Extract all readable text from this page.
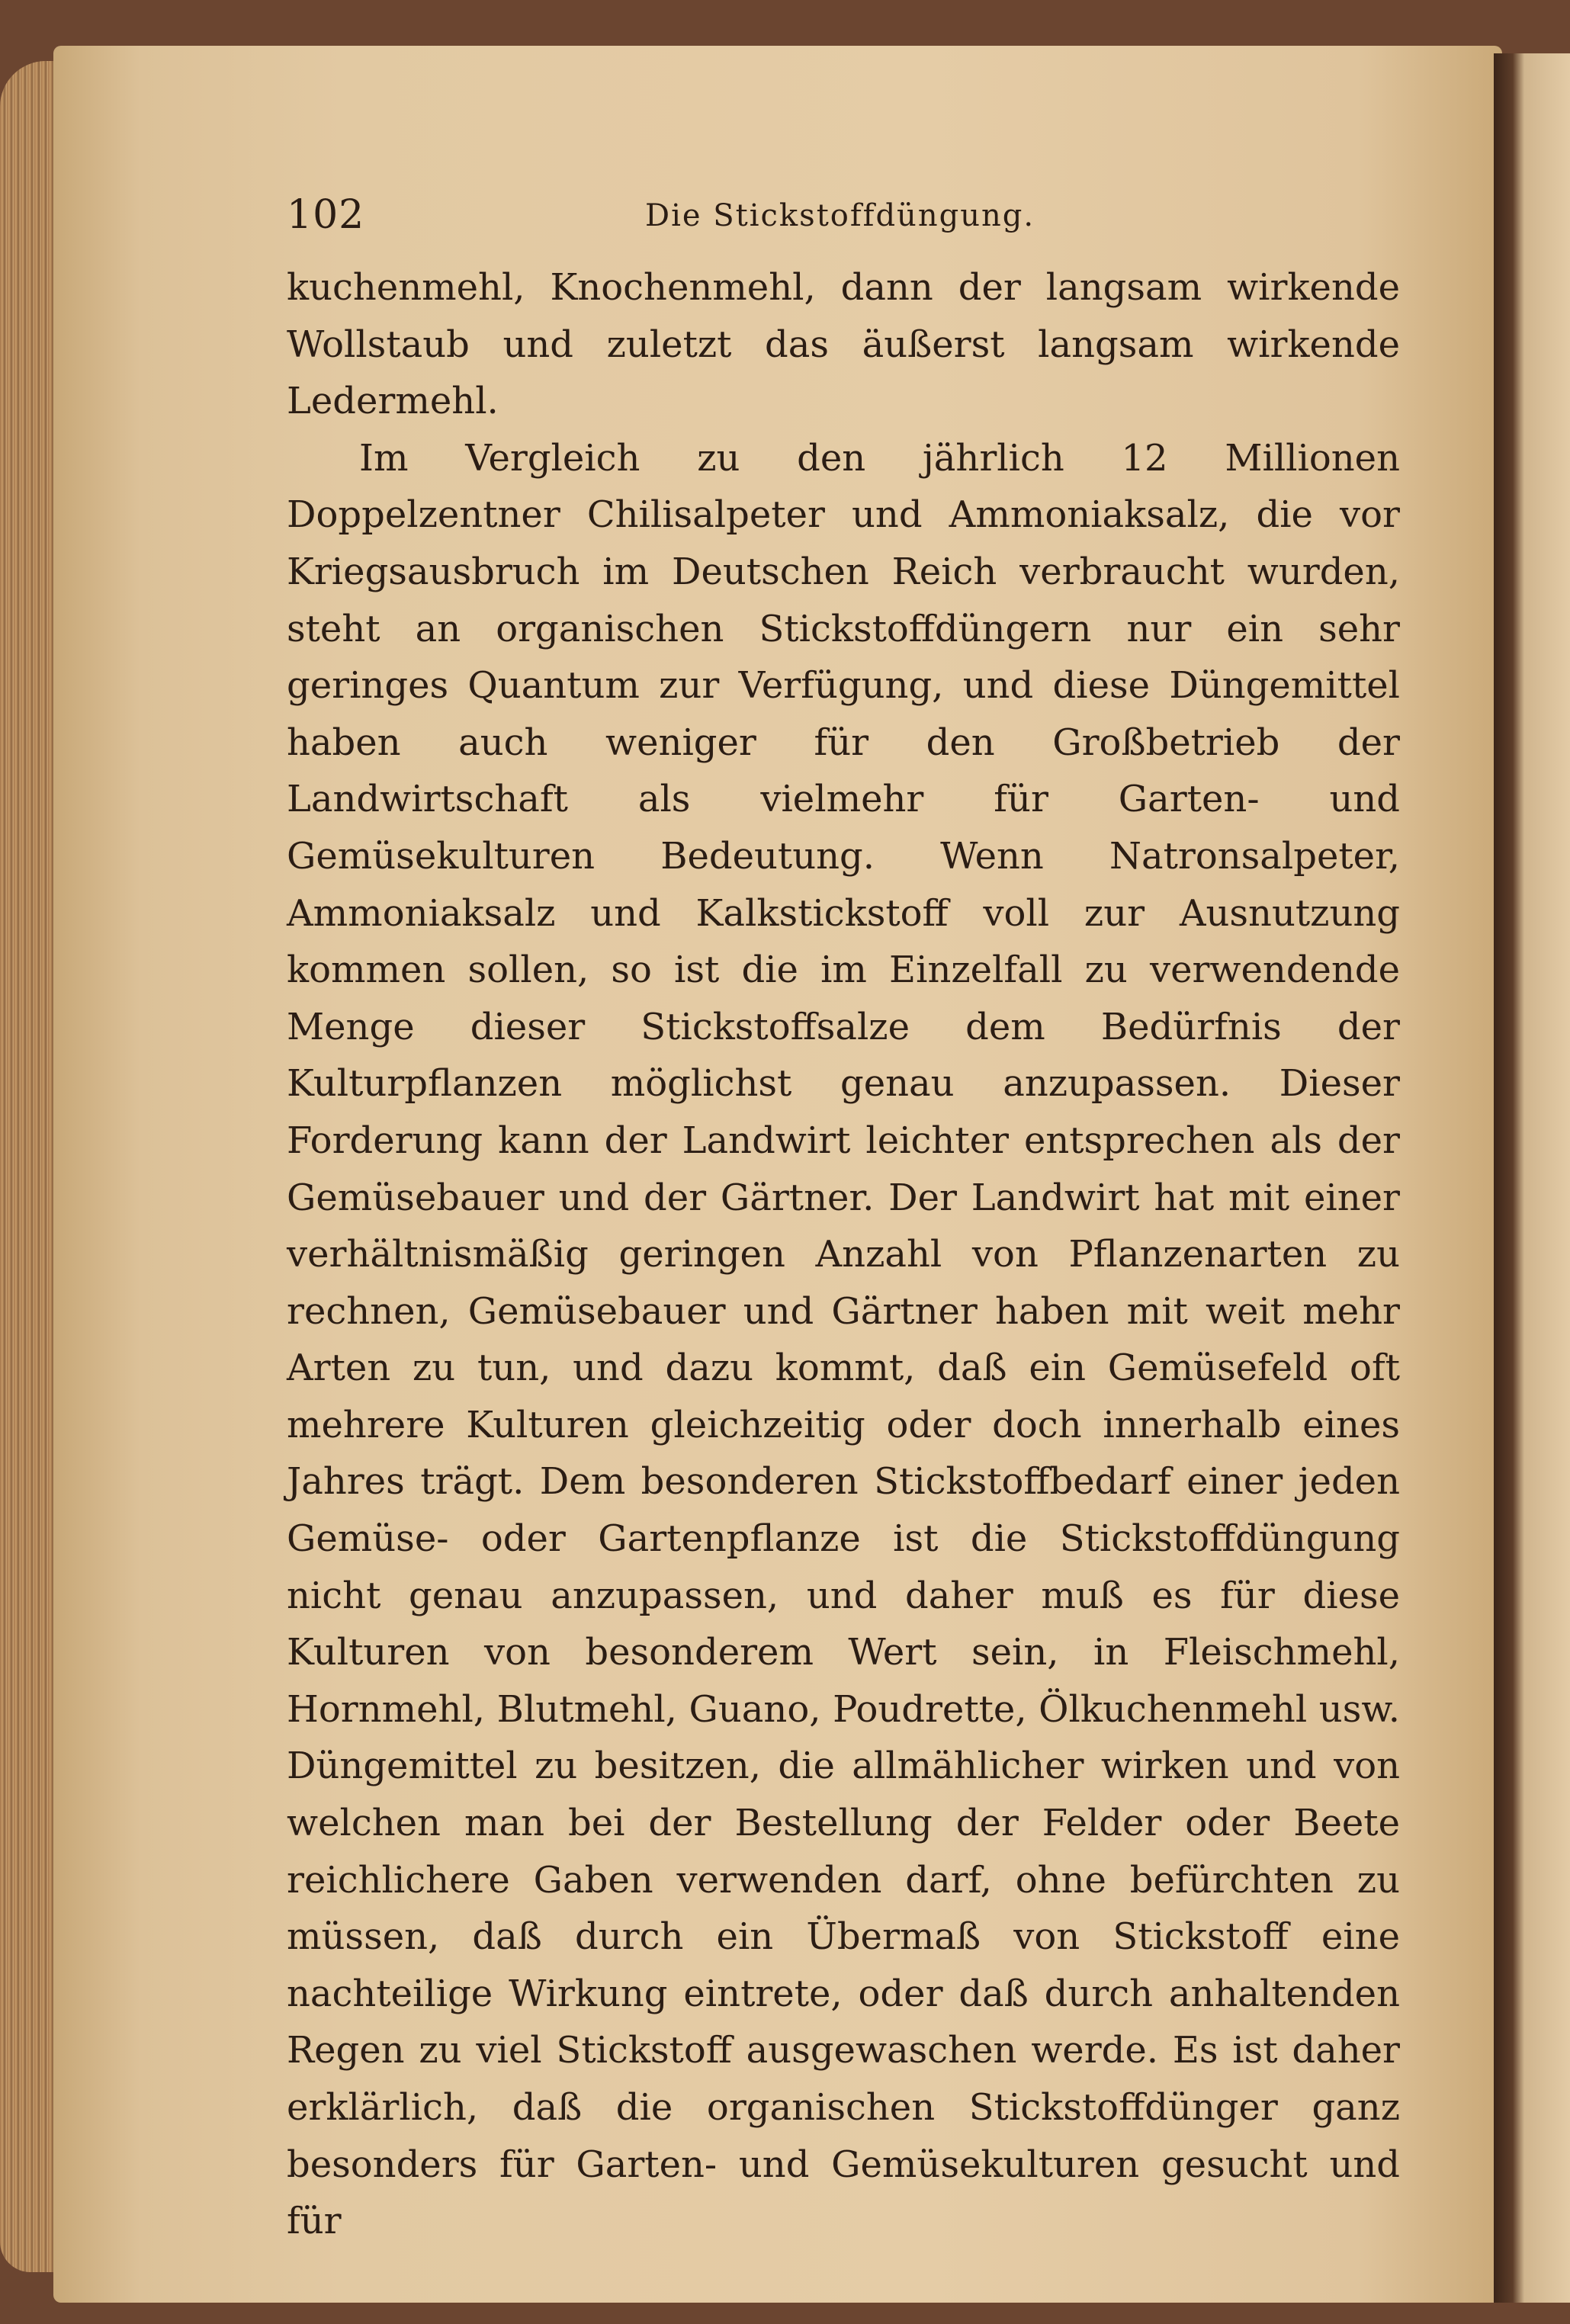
102	Die Stickstoffdüngung.

kuchenmehl, Knochenmehl, dann der langsam wirkende Wollstaub und zuletzt das äußerst langsam wirkende Ledermehl.

Im Vergleich zu den jährlich 12 Millionen Doppelzentner Chilisalpeter und Ammoniaksalz, die vor Kriegsausbruch im Deutschen Reich verbraucht wurden, steht an organischen Stickstoffdüngern nur ein sehr geringes Quantum zur Verfügung, und diese Düngemittel haben auch weniger für den Großbetrieb der Landwirtschaft als vielmehr für Garten- und Gemüsekulturen Bedeutung. Wenn Natronsalpeter, Ammoniaksalz und Kalkstickstoff voll zur Ausnutzung kommen sollen, so ist die im Einzelfall zu verwendende Menge dieser Stickstoffsalze dem Bedürfnis der Kulturpflanzen möglichst genau anzupassen. Dieser Forderung kann der Landwirt leichter entsprechen als der Gemüsebauer und der Gärtner. Der Landwirt hat mit einer verhältnismäßig geringen Anzahl von Pflanzenarten zu rechnen, Gemüsebauer und Gärtner haben mit weit mehr Arten zu tun, und dazu kommt, daß ein Gemüsefeld oft mehrere Kulturen gleichzeitig oder doch innerhalb eines Jahres trägt. Dem besonderen Stickstoffbedarf einer jeden Gemüse- oder Gartenpflanze ist die Stickstoffdüngung nicht genau anzupassen, und daher muß es für diese Kulturen von besonderem Wert sein, in Fleischmehl, Hornmehl, Blutmehl, Guano, Poudrette, Ölkuchenmehl usw. Düngemittel zu besitzen, die allmählicher wirken und von welchen man bei der Bestellung der Felder oder Beete reichlichere Gaben verwenden darf, ohne befürchten zu müssen, daß durch ein Übermaß von Stickstoff eine nachteilige Wirkung eintrete, oder daß durch anhaltenden Regen zu viel Stickstoff ausgewaschen werde. Es ist daher erklärlich, daß die organischen Stickstoffdünger ganz besonders für Garten- und Gemüsekulturen gesucht und für
